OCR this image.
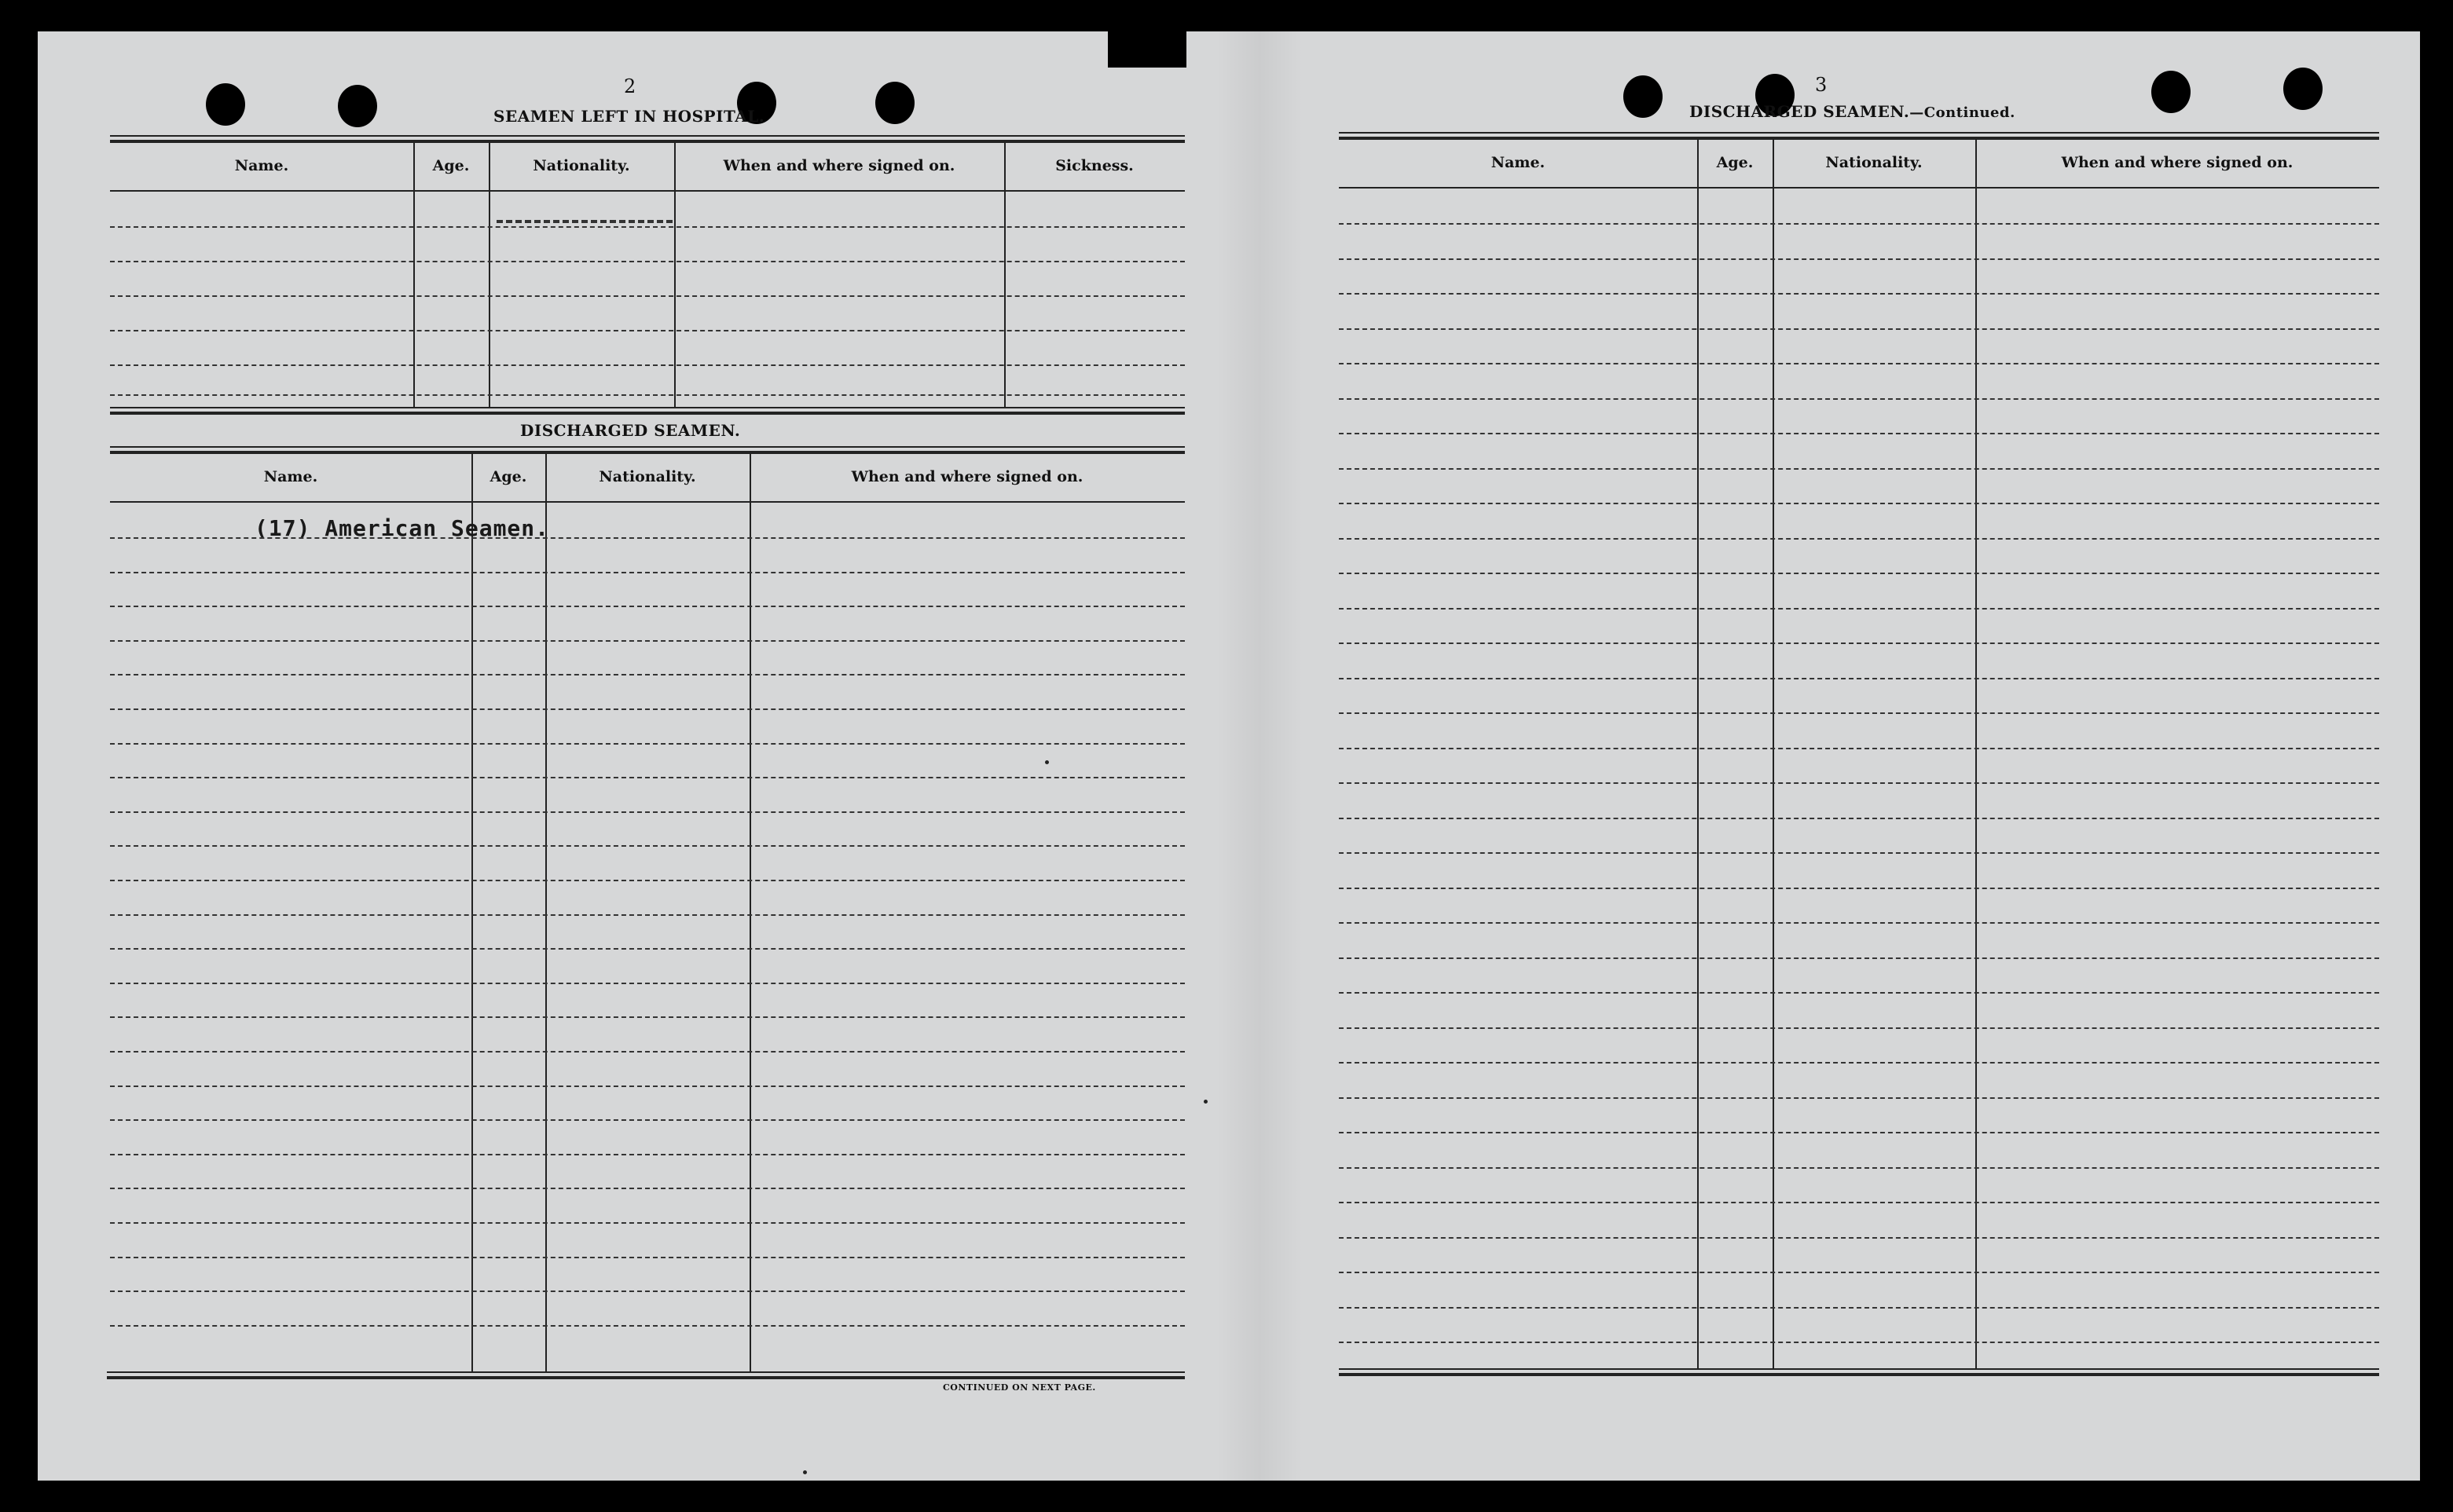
2
SEAMEN LEFT IN HOSPITAL.
Name.	Age.	Nationality.	When and where signed on.	Sickness.
DISCHARGED SEAMEN.
Name.	Age.	Nationality.	When and where signed on.
(17) American Seamen.
CONTINUED ON NEXT PAGE.
3
DISCHARGED SEAMEN.—Continued.
Name.	Age.	Nationality.	When and where signed on.
